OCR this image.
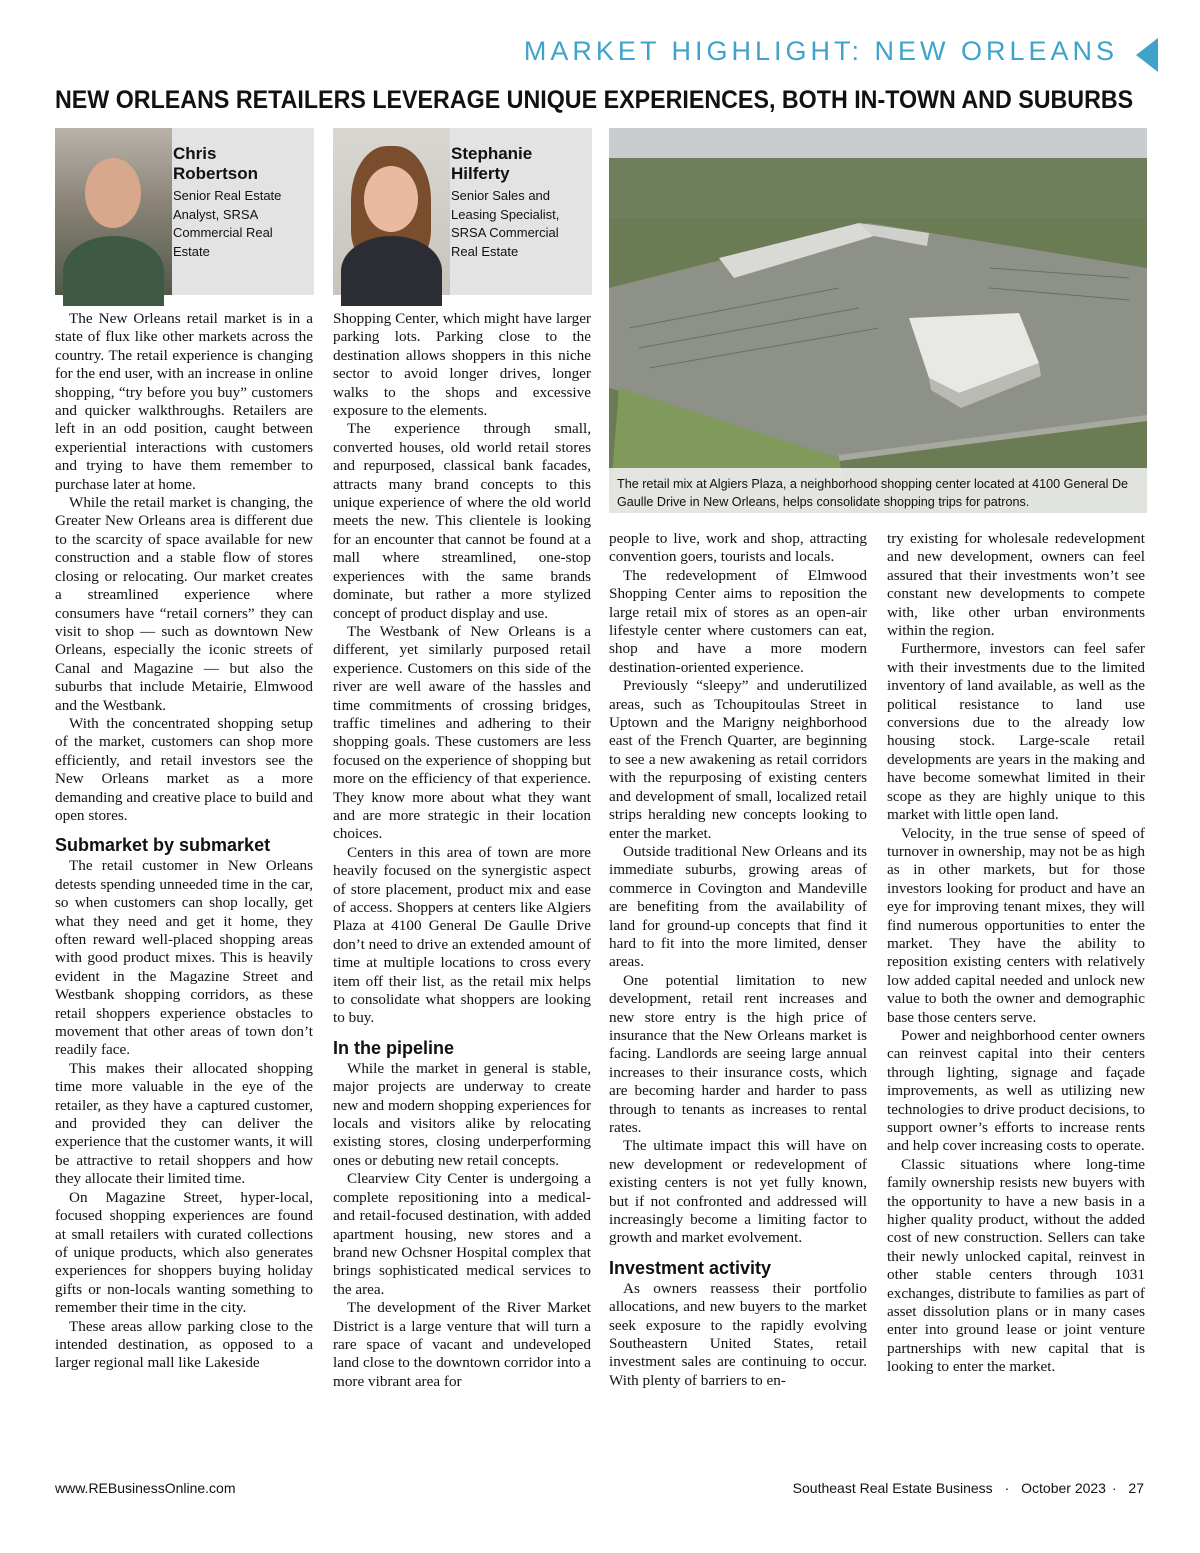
MARKET HIGHLIGHT: NEW ORLEANS
NEW ORLEANS RETAILERS LEVERAGE UNIQUE EXPERIENCES, BOTH IN-TOWN AND SUBURBS
Chris Robertson
Senior Real Estate Analyst, SRSA Commercial Real Estate
Stephanie Hilferty
Senior Sales and Leasing Specialist, SRSA Commercial Real Estate
The retail mix at Algiers Plaza, a neighborhood shopping center located at 4100 General De Gaulle Drive in New Orleans, helps consolidate shopping trips for patrons.

The New Orleans retail market is in a state of flux like other markets across the country. The retail experience is changing for the end user, with an increase in online shopping, “try before you buy” customers and quicker walkthroughs. Retailers are left in an odd position, caught between experiential interactions with customers and trying to have them remember to purchase later at home.

While the retail market is changing, the Greater New Orleans area is different due to the scarcity of space available for new construction and a stable flow of stores closing or relocating. Our market creates a streamlined experience where consumers have “retail corners” they can visit to shop — such as downtown New Orleans, especially the iconic streets of Canal and Magazine — but also the suburbs that include Metairie, Elmwood and the Westbank.

With the concentrated shopping setup of the market, customers can shop more efficiently, and retail investors see the New Orleans market as a more demanding and creative place to build and open stores.

Submarket by submarket

The retail customer in New Orleans detests spending unneeded time in the car, so when customers can shop locally, get what they need and get it home, they often reward well-placed shopping areas with good product mixes. This is heavily evident in the Magazine Street and Westbank shopping corridors, as these retail shoppers experience obstacles to movement that other areas of town don’t readily face.

This makes their allocated shopping time more valuable in the eye of the retailer, as they have a captured customer, and provided they can deliver the experience that the customer wants, it will be attractive to retail shoppers and how they allocate their limited time.

On Magazine Street, hyper-local, focused shopping experiences are found at small retailers with curated collections of unique products, which also generates experiences for shoppers buying holiday gifts or non-locals wanting something to remember their time in the city.

These areas allow parking close to the intended destination, as opposed to a larger regional mall like Lakeside

Shopping Center, which might have larger parking lots. Parking close to the destination allows shoppers in this niche sector to avoid longer drives, longer walks to the shops and excessive exposure to the elements.

The experience through small, converted houses, old world retail stores and repurposed, classical bank facades, attracts many brand concepts to this unique experience of where the old world meets the new. This clientele is looking for an encounter that cannot be found at a mall where streamlined, one-stop experiences with the same brands dominate, but rather a more stylized concept of product display and use.

The Westbank of New Orleans is a different, yet similarly purposed retail experience. Customers on this side of the river are well aware of the hassles and time commitments of crossing bridges, traffic timelines and adhering to their shopping goals. These customers are less focused on the experience of shopping but more on the efficiency of that experience. They know more about what they want and are more strategic in their location choices.

Centers in this area of town are more heavily focused on the synergistic aspect of store placement, product mix and ease of access. Shoppers at centers like Algiers Plaza at 4100 General De Gaulle Drive don’t need to drive an extended amount of time at multiple locations to cross every item off their list, as the retail mix helps to consolidate what shoppers are looking to buy.

In the pipeline

While the market in general is stable, major projects are underway to create new and modern shopping experiences for locals and visitors alike by relocating existing stores, closing underperforming ones or debuting new retail concepts.

Clearview City Center is undergoing a complete repositioning into a medical- and retail-focused destination, with added apartment housing, new stores and a brand new Ochsner Hospital complex that brings sophisticated medical services to the area.

The development of the River Market District is a large venture that will turn a rare space of vacant and undeveloped land close to the downtown corridor into a more vibrant area for

people to live, work and shop, attracting convention goers, tourists and locals.

The redevelopment of Elmwood Shopping Center aims to reposition the large retail mix of stores as an open-air lifestyle center where customers can eat, shop and have a more modern destination-oriented experience.

Previously “sleepy” and underutilized areas, such as Tchoupitoulas Street in Uptown and the Marigny neighborhood east of the French Quarter, are beginning to see a new awakening as retail corridors with the repurposing of existing centers and development of small, localized retail strips heralding new concepts looking to enter the market.

Outside traditional New Orleans and its immediate suburbs, growing areas of commerce in Covington and Mandeville are benefiting from the availability of land for ground-up concepts that find it hard to fit into the more limited, denser areas.

One potential limitation to new development, retail rent increases and new store entry is the high price of insurance that the New Orleans market is facing. Landlords are seeing large annual increases to their insurance costs, which are becoming harder and harder to pass through to tenants as increases to rental rates.

The ultimate impact this will have on new development or redevelopment of existing centers is not yet fully known, but if not confronted and addressed will increasingly become a limiting factor to growth and market evolvement.

Investment activity

As owners reassess their portfolio allocations, and new buyers to the market seek exposure to the rapidly evolving Southeastern United States, retail investment sales are continuing to occur. With plenty of barriers to en-

try existing for wholesale redevelopment and new development, owners can feel assured that their investments won’t see constant new developments to compete with, like other urban environments within the region.

Furthermore, investors can feel safer with their investments due to the limited inventory of land available, as well as the political resistance to land use conversions due to the already low housing stock. Large-scale retail developments are years in the making and have become somewhat limited in their scope as they are highly unique to this market with little open land.

Velocity, in the true sense of speed of turnover in ownership, may not be as high as in other markets, but for those investors looking for product and have an eye for improving tenant mixes, they will find numerous opportunities to enter the market. They have the ability to reposition existing centers with relatively low added capital needed and unlock new value to both the owner and demographic base those centers serve.

Power and neighborhood center owners can reinvest capital into their centers through lighting, signage and façade improvements, as well as utilizing new technologies to drive product decisions, to support owner’s efforts to increase rents and help cover increasing costs to operate.

Classic situations where long-time family ownership resists new buyers with the opportunity to have a new basis in a higher quality product, without the added cost of new construction. Sellers can take their newly unlocked capital, reinvest in other stable centers through 1031 exchanges, distribute to families as part of asset dissolution plans or in many cases enter into ground lease or joint venture partnerships with new capital that is looking to enter the market.

www.REBusinessOnline.com	Southeast Real Estate Business · October 2023 · 27
